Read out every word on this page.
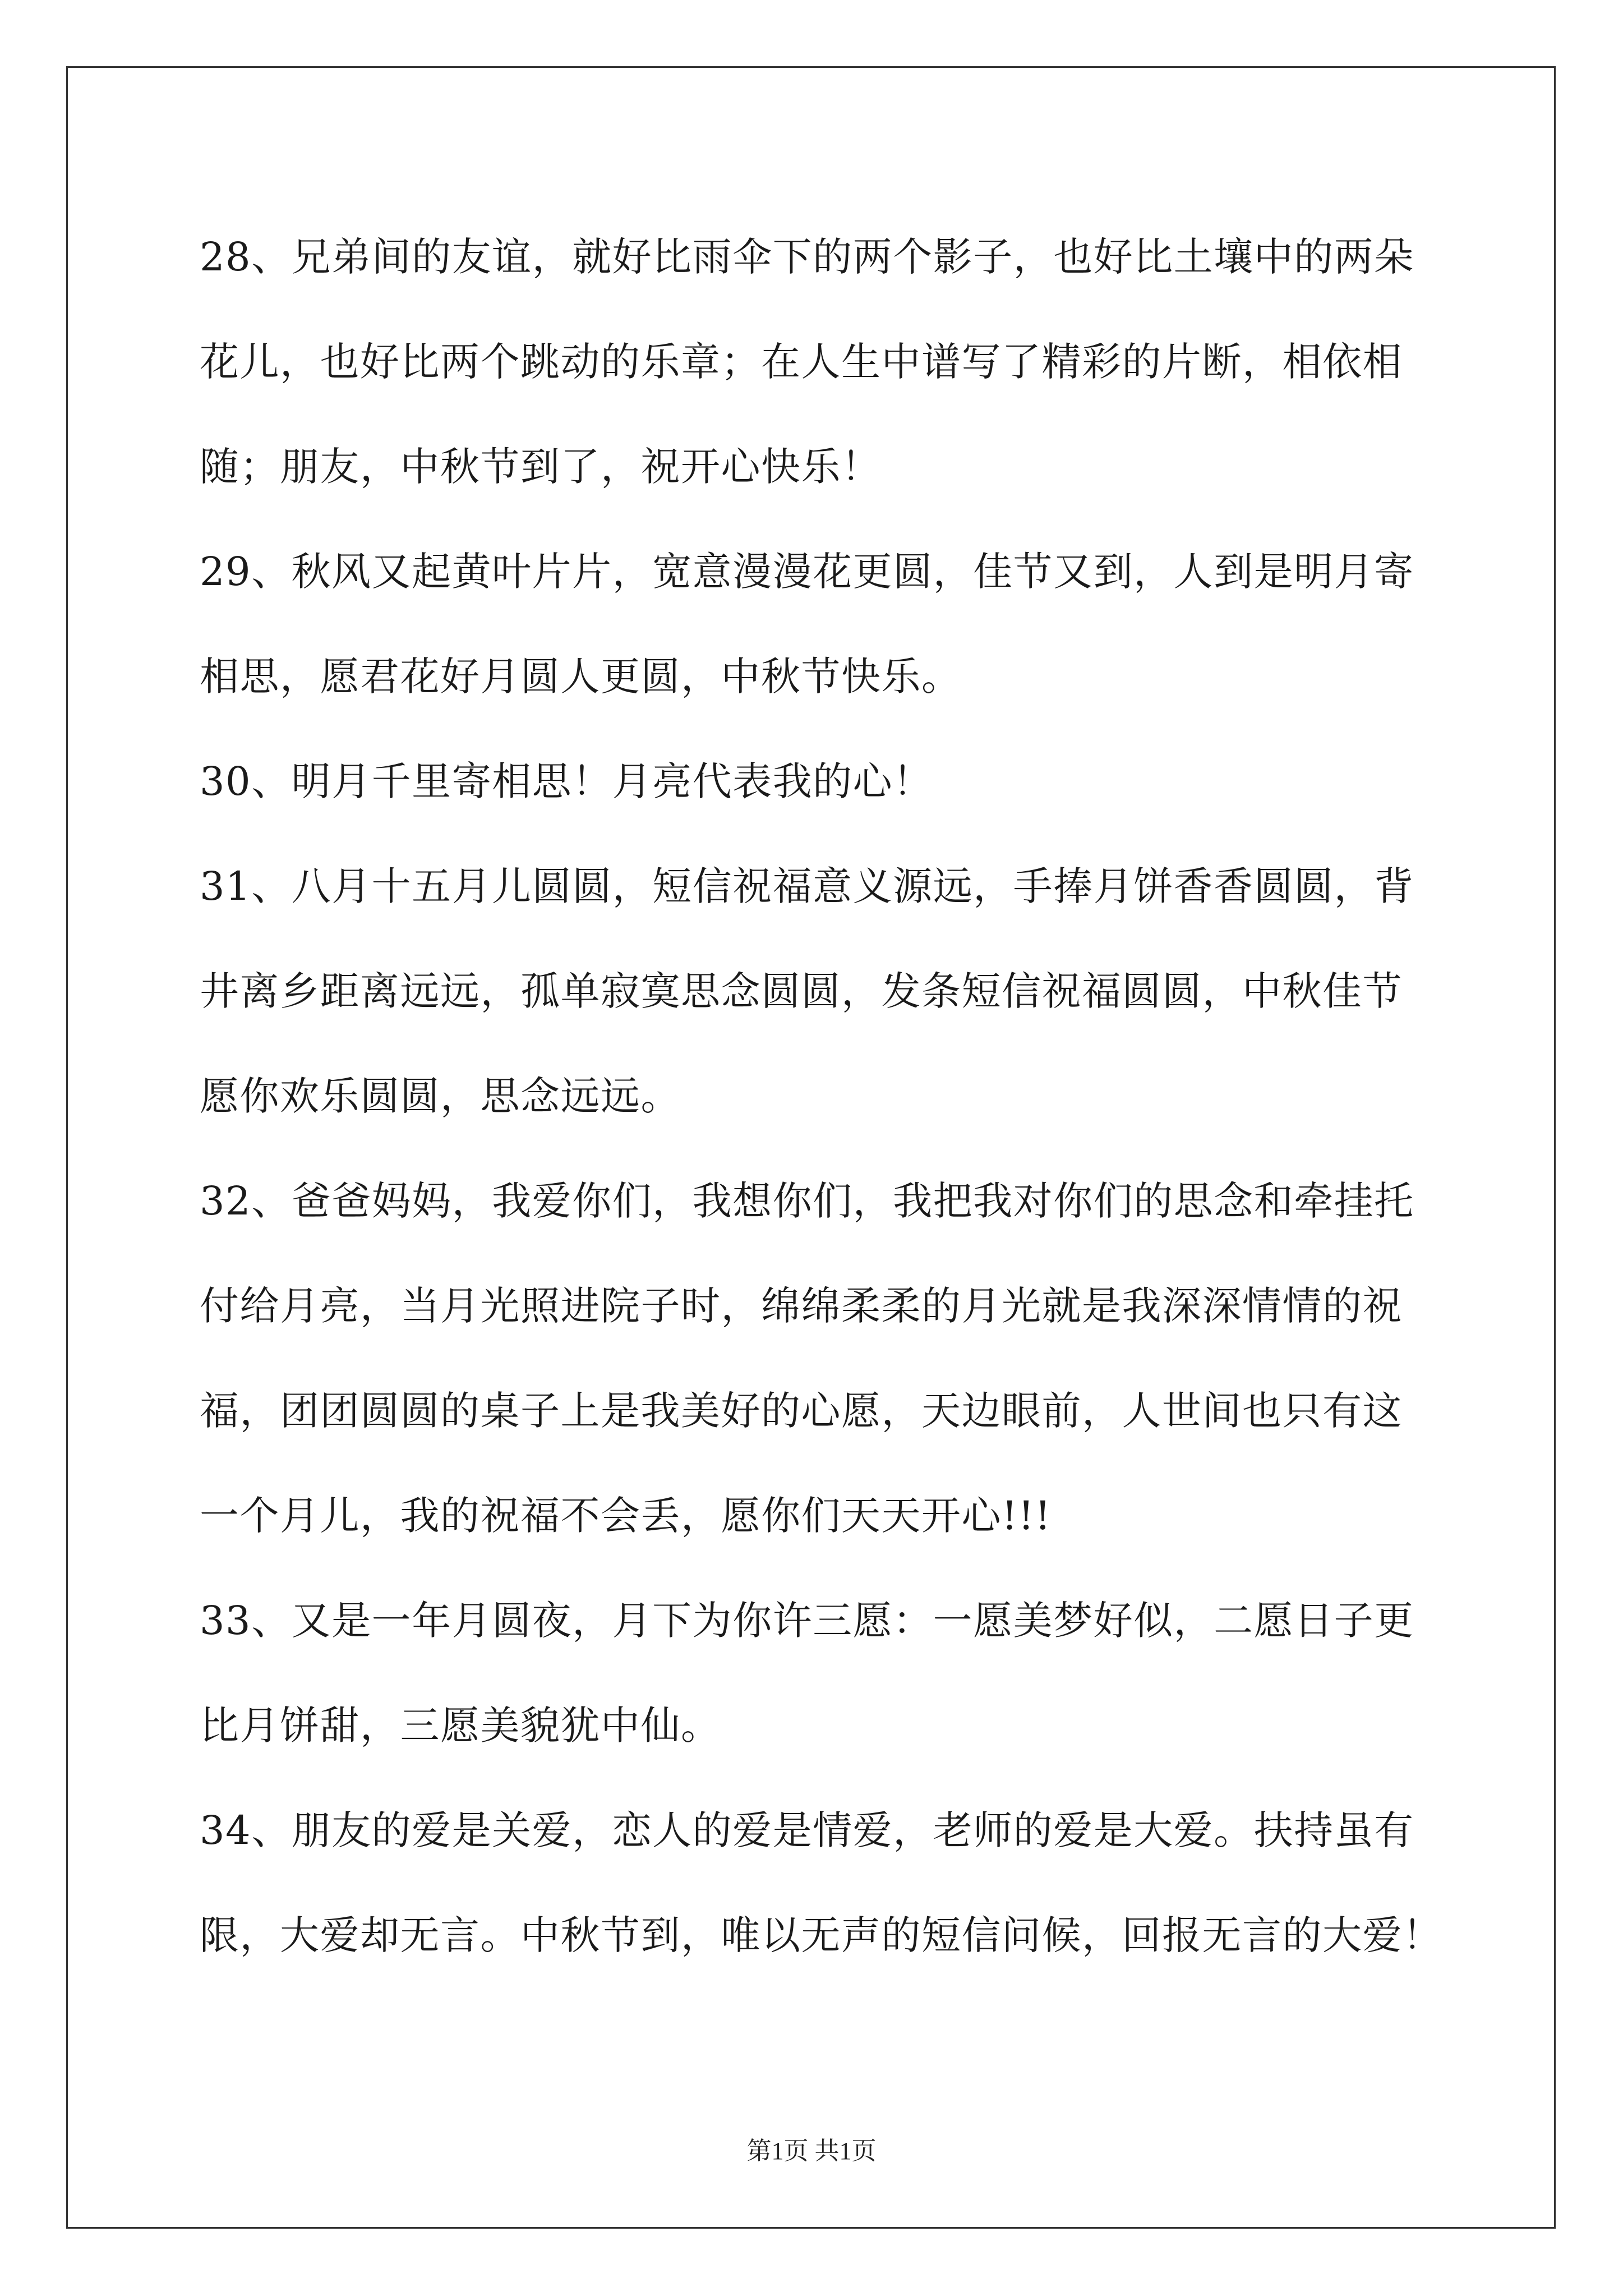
28、兄弟间的友谊，就好比雨伞下的两个影子，也好比土壤中的两朵
花儿，也好比两个跳动的乐章；在人生中谱写了精彩的片断，相依相
随；朋友，中秋节到了，祝开心快乐！
29、秋风又起黄叶片片，宽意漫漫花更圆，佳节又到，人到是明月寄
相思，愿君花好月圆人更圆，中秋节快乐。
30、明月千里寄相思！月亮代表我的心！
31、八月十五月儿圆圆，短信祝福意义源远，手捧月饼香香圆圆，背
井离乡距离远远，孤单寂寞思念圆圆，发条短信祝福圆圆，中秋佳节
愿你欢乐圆圆，思念远远。
32、爸爸妈妈，我爱你们，我想你们，我把我对你们的思念和牵挂托
付给月亮，当月光照进院子时，绵绵柔柔的月光就是我深深情情的祝
福，团团圆圆的桌子上是我美好的心愿，天边眼前，人世间也只有这
一个月儿，我的祝福不会丢，愿你们天天开心!!!
33、又是一年月圆夜，月下为你许三愿：一愿美梦好似，二愿日子更
比月饼甜，三愿美貌犹中仙。
34、朋友的爱是关爱，恋人的爱是情爱，老师的爱是大爱。扶持虽有
限，大爱却无言。中秋节到，唯以无声的短信问候，回报无言的大爱！
第1页 共1页
